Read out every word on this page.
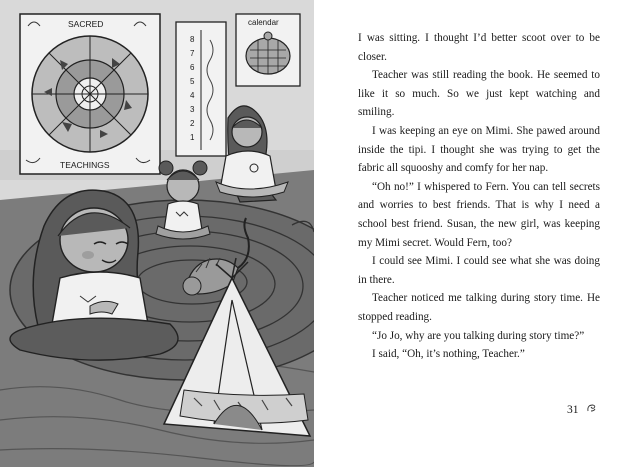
SACRED
TEACHINGS
8
7
6
5
4
3
2
1
calendar

I was sitting. I thought I’d better scoot over to be closer.

Teacher was still reading the book. He seemed to like it so much. So we just kept watching and smiling.

I was keeping an eye on Mimi. She pawed around inside the tipi. I thought she was trying to get the fabric all squooshy and comfy for her nap.

“Oh no!” I whispered to Fern. You can tell secrets and worries to best friends. That is why I need a school best friend. Susan, the new girl, was keeping my Mimi secret. Would Fern, too?

I could see Mimi. I could see what she was doing in there.

Teacher noticed me talking during story time. He stopped reading.

“Jo Jo, why are you talking during story time?”

I said, “Oh, it’s nothing, Teacher.”

31
